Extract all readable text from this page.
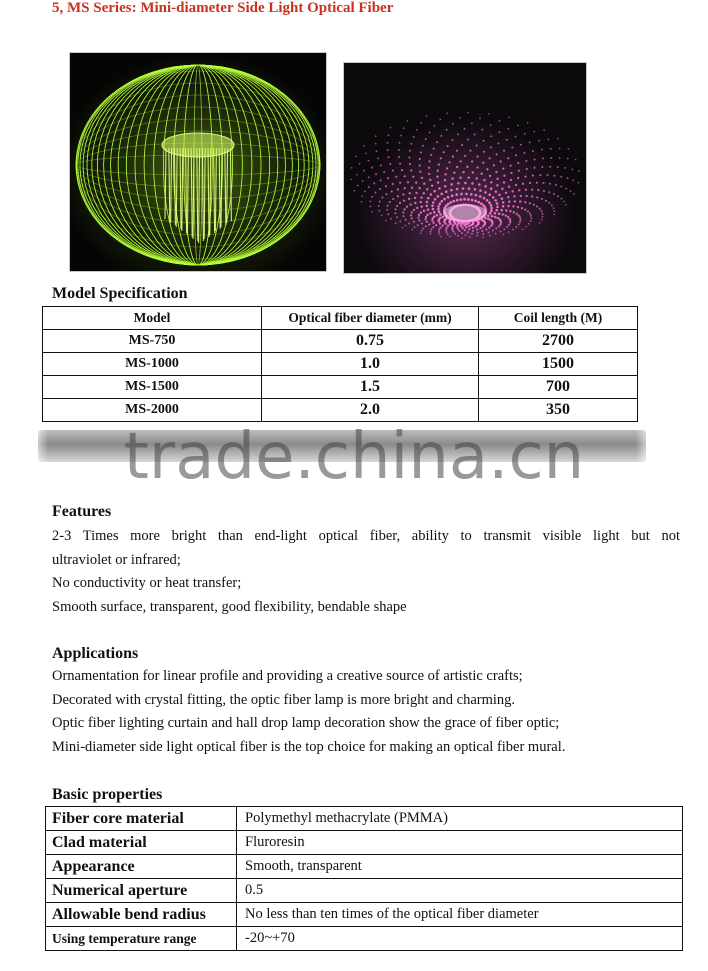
5, MS Series: Mini-diameter Side Light Optical Fiber
Model Specification
Model	Optical fiber diameter (mm)	Coil length (M)
MS-750	0.75	2700
MS-1000	1.0	1500
MS-1500	1.5	700
MS-2000	2.0	350
trade.china.cn
Features
2-3 Times more bright than end-light optical fiber, ability to transmit visible light but not
ultraviolet or infrared;
No conductivity or heat transfer;
Smooth surface, transparent, good flexibility, bendable shape
Applications
Ornamentation for linear profile and providing a creative source of artistic crafts;
Decorated with crystal fitting, the optic fiber lamp is more bright and charming.
Optic fiber lighting curtain and hall drop lamp decoration show the grace of fiber optic;
Mini-diameter side light optical fiber is the top choice for making an optical fiber mural.
Basic properties
Fiber core material	Polymethyl methacrylate (PMMA)
Clad material	Fluroresin
Appearance	Smooth, transparent
Numerical aperture	0.5
Allowable bend radius	No less than ten times of the optical fiber diameter
Using temperature range	-20~+70
